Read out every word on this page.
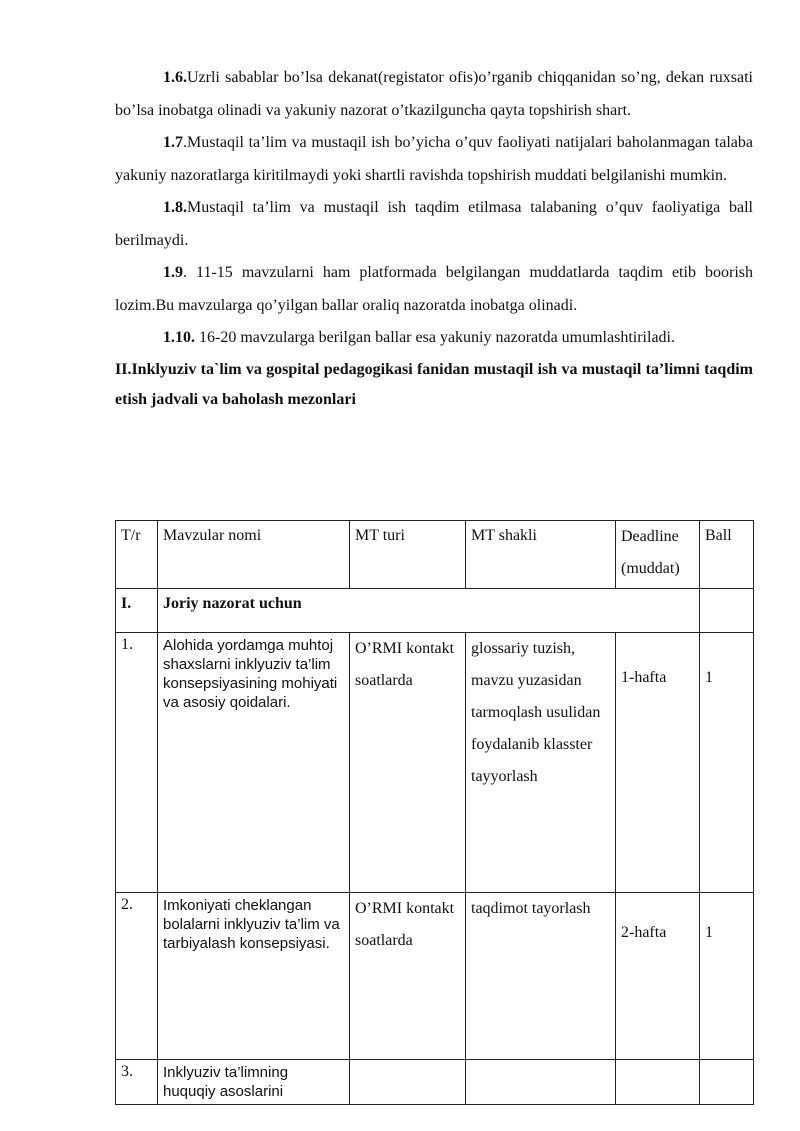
1.6.Uzrli sabablar bo’lsa dekanat(registator ofis)o’rganib chiqqanidan so’ng, dekan ruxsati bo’lsa inobatga olinadi va yakuniy nazorat o’tkazilguncha qayta topshirish shart.

1.7.Mustaqil ta’lim va mustaqil ish bo’yicha o’quv faoliyati natijalari baholanmagan talaba yakuniy nazoratlarga kiritilmaydi yoki shartli ravishda topshirish muddati belgilanishi mumkin.

1.8.Mustaqil ta’lim va mustaqil ish taqdim etilmasa talabaning o’quv faoliyatiga ball berilmaydi.

1.9. 11-15 mavzularni ham platformada belgilangan muddatlarda taqdim etib boorish lozim.Bu mavzularga qo’yilgan ballar oraliq nazoratda inobatga olinadi.

1.10. 16-20 mavzularga berilgan ballar esa yakuniy nazoratda umumlashtiriladi.

II.Inklyuziv ta`lim va gospital pedagogikasi fanidan mustaqil ish va mustaqil ta’limni taqdim etish jadvali va baholash mezonlari

T/r	Mavzular nomi	MT turi	MT shakli	Deadline (muddat)	Ball
I.	Joriy nazorat uchun				
1.	Alohida yordamga muhtoj shaxslarni inklyuziv ta’lim konsepsiyasining mohiyati va asosiy qoidalari.	O’RMI kontakt soatlarda	glossariy tuzish, mavzu yuzasidan tarmoqlash usulidan foydalanib klasster tayyorlash	1-hafta	1
2.	Imkoniyati cheklangan bolalarni inklyuziv ta’lim va tarbiyalash konsepsiyasi.	O’RMI kontakt soatlarda	taqdimot tayorlash	2-hafta	1
3.	Inklyuziv ta’limning huquqiy asoslarini				
